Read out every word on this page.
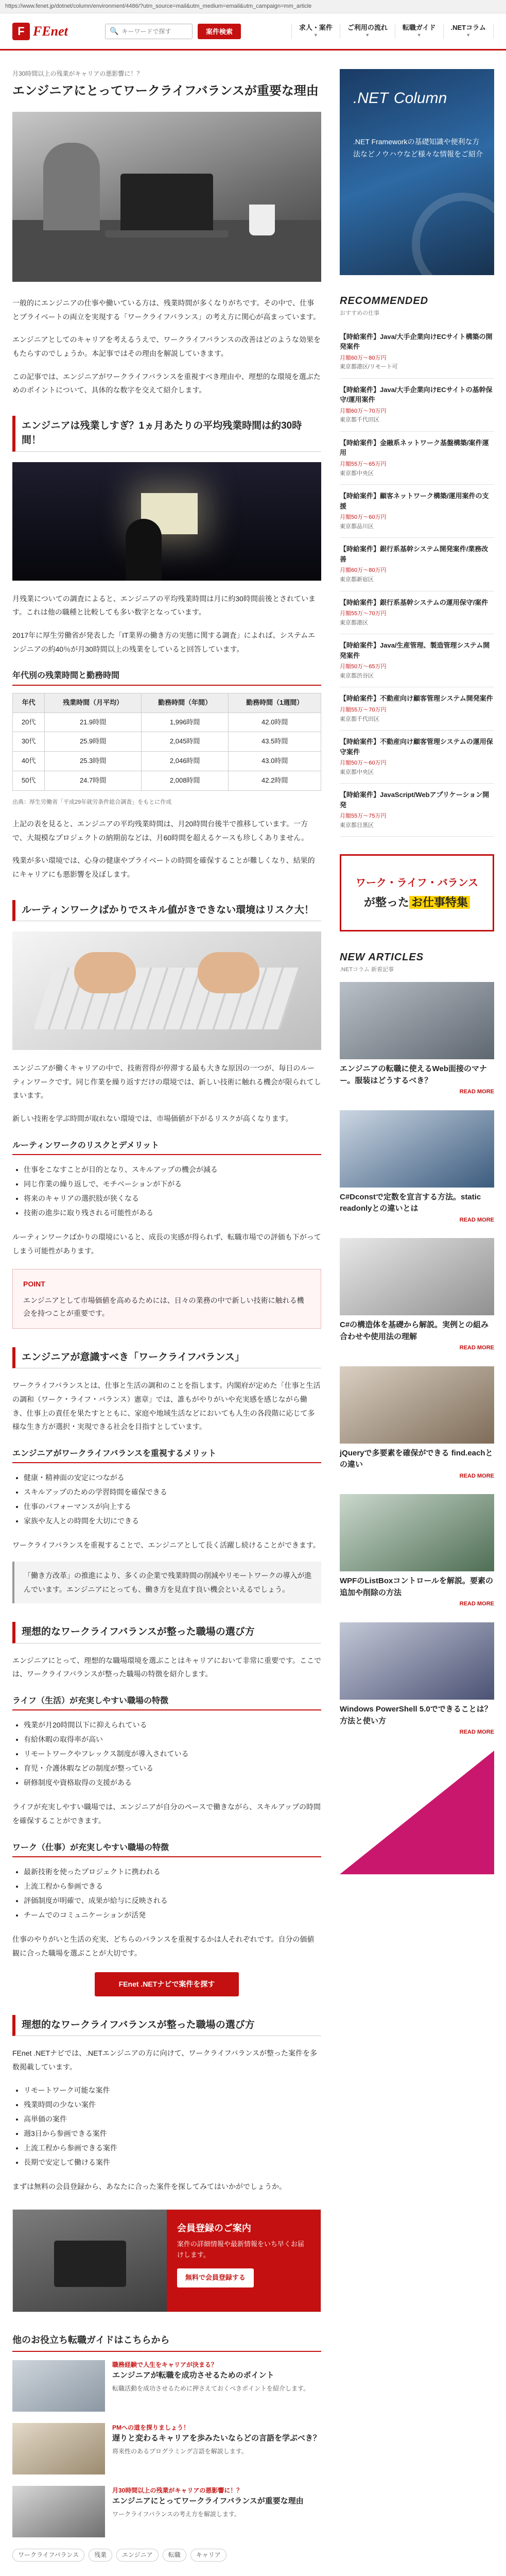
https://www.fenet.jp/dotnet/column/environment/4486/?utm_source=mail&utm_medium=email&utm_campaign=mm_article
F FEnet	🔍
キーワードで探す	案件検索
求人・案件
▼
ご利用の流れ
▼
転職ガイド
▼
.NETコラム
▼
月30時間以上の残業がキャリアの悪影響に！？
エンジニアにとってワークライフバランスが重要な理由

一般的にエンジニアの仕事や働いている方は、残業時間が多くなりがちです。その中で、仕事とプライベートの両立を実現する「ワークライフバランス」の考え方に関心が高まっています。

エンジニアとしてのキャリアを考えるうえで、ワークライフバランスの改善はどのような効果をもたらすのでしょうか。本記事ではその理由を解説していきます。

この記事では、エンジニアがワークライフバランスを重視すべき理由や、理想的な環境を選ぶためのポイントについて、具体的な数字を交えて紹介します。

エンジニアは残業しすぎ？1ヵ月あたりの平均残業時間は約30時間！

月残業についての調査によると、エンジニアの平均残業時間は月に約30時間前後とされています。これは他の職種と比較しても多い数字となっています。

2017年に厚生労働省が発表した「IT業界の働き方の実態に関する調査」によれば、システムエンジニアの約40％が月30時間以上の残業をしていると回答しています。

年代別の残業時間と勤務時間
年代	残業時間（月平均）	勤務時間（年間）	勤務時間（1週間）
20代	21.9時間	1,996時間	42.0時間
30代	25.9時間	2,045時間	43.5時間
40代	25.3時間	2,046時間	43.0時間
50代	24.7時間	2,008時間	42.2時間
出典：厚生労働省「平成29年就労条件総合調査」をもとに作成

上記の表を見ると、エンジニアの平均残業時間は、月20時間台後半で推移しています。一方で、大規模なプロジェクトの納期前などは、月60時間を超えるケースも珍しくありません。

残業が多い環境では、心身の健康やプライベートの時間を確保することが難しくなり、結果的にキャリアにも悪影響を及ぼします。

ルーティンワークばかりでスキル値がきできない環境はリスク大！

エンジニアが働くキャリアの中で、技術習得が停滞する最も大きな原因の一つが、毎日のルーティンワークです。同じ作業を繰り返すだけの環境では、新しい技術に触れる機会が限られてしまいます。

新しい技術を学ぶ時間が取れない環境では、市場価値が下がるリスクが高くなります。

ルーティンワークのリスクとデメリット
• 仕事をこなすことが目的となり、スキルアップの機会が減る
• 同じ作業の繰り返しで、モチベーションが下がる
• 将来のキャリアの選択肢が狭くなる
• 技術の進歩に取り残される可能性がある

ルーティンワークばかりの環境にいると、成長の実感が得られず、転職市場での評価も下がってしまう可能性があります。

POINT
エンジニアとして市場価値を高めるためには、日々の業務の中で新しい技術に触れる機会を持つことが重要です。
エンジニアが意識すべき「ワークライフバランス」

ワークライフバランスとは、仕事と生活の調和のことを指します。内閣府が定めた「仕事と生活の調和（ワーク・ライフ・バランス）憲章」では、誰もがやりがいや充実感を感じながら働き、仕事上の責任を果たすとともに、家庭や地域生活などにおいても人生の各段階に応じて多様な生き方が選択・実現できる社会を目指すとしています。

エンジニアがワークライフバランスを重視するメリット
• 健康・精神面の安定につながる
• スキルアップのための学習時間を確保できる
• 仕事のパフォーマンスが向上する
• 家族や友人との時間を大切にできる

ワークライフバランスを重視することで、エンジニアとして長く活躍し続けることができます。

「働き方改革」の推進により、多くの企業で残業時間の削減やリモートワークの導入が進んでいます。エンジニアにとっても、働き方を見直す良い機会といえるでしょう。
理想的なワークライフバランスが整った職場の選び方

エンジニアにとって、理想的な職場環境を選ぶことはキャリアにおいて非常に重要です。ここでは、ワークライフバランスが整った職場の特徴を紹介します。

ライフ（生活）が充実しやすい職場の特徴
• 残業が月20時間以下に抑えられている
• 有給休暇の取得率が高い
• リモートワークやフレックス制度が導入されている
• 育児・介護休暇などの制度が整っている
• 研修制度や資格取得の支援がある

ライフが充実しやすい職場では、エンジニアが自分のペースで働きながら、スキルアップの時間を確保することができます。

ワーク（仕事）が充実しやすい職場の特徴
• 最新技術を使ったプロジェクトに携われる
• 上流工程から参画できる
• 評価制度が明確で、成果が給与に反映される
• チームでのコミュニケーションが活発

仕事のやりがいと生活の充実、どちらのバランスを重視するかは人それぞれです。自分の価値観に合った職場を選ぶことが大切です。

FEnet .NETナビで案件を探す
理想的なワークライフバランスが整った職場の選び方

FEnet .NETナビでは、.NETエンジニアの方に向けて、ワークライフバランスが整った案件を多数掲載しています。

• リモートワーク可能な案件
• 残業時間の少ない案件
• 高単価の案件
• 週3日から参画できる案件
• 上流工程から参画できる案件
• 長期で安定して働ける案件

まずは無料の会員登録から、あなたに合った案件を探してみてはいかがでしょうか。

会員登録のご案内
案件の詳細情報や最新情報をいち早くお届けします。
無料で会員登録する
他のお役立ち転職ガイドはこちらから
職務経験で人生をキャリアが決まる？
エンジニアが転職を成功させるためのポイント
転職活動を成功させるために押さえておくべきポイントを紹介します。
PMへの道を探りましょう！
遅りと変わるキャリアを歩みたいならどの言語を学ぶべき？
将来性のあるプログラミング言語を解説します。
月30時間以上の残業がキャリアの悪影響に！？
エンジニアにとってワークライフバランスが重要な理由
ワークライフバランスの考え方を解説します。
ワークライフバランス	残業	エンジニア	転職	キャリア
.NET Column
.NET Frameworkの基礎知識や便利な方法などノウハウなど様々な情報をご紹介
RECOMMENDED
おすすめの仕事
【時給案件】Java/大手企業向けECサイト構築の開発案件
月額60万〜80万円
東京都港区/リモート可
【時給案件】Java/大手企業向けECサイトの基幹保守/運用案件
月額60万〜70万円
東京都千代田区
【時給案件】金融系ネットワーク基盤構築/案件運用
月額55万〜65万円
東京都中央区
【時給案件】顧客ネットワーク構築/運用案件の支援
月額50万〜60万円
東京都品川区
【時給案件】銀行系基幹システム開発案件/業務改善
月額60万〜80万円
東京都新宿区
【時給案件】銀行系基幹システムの運用保守/案件
月額55万〜70万円
東京都港区
【時給案件】Java/生産管理、製造管理システム開発案件
月額50万〜65万円
東京都渋谷区
【時給案件】不動産向け顧客管理システム開発案件
月額55万〜70万円
東京都千代田区
【時給案件】不動産向け顧客管理システムの運用保守案件
月額50万〜60万円
東京都中央区
【時給案件】JavaScript/Webアプリケーション開発
月額55万〜75万円
東京都目黒区
ワーク・ライフ・バランス
が整った お仕事特集
NEW ARTICLES
.NETコラム 新着記事
エンジニアの転職に使えるWeb面接のマナー。服装はどうするべき？
READ MORE
C#Dconstで定数を宣言する方法。static readonlyとの違いとは
READ MORE
C#の構造体を基礎から解説。実例との組み合わせや使用法の理解
READ MORE
jQueryで多要素を確保ができる find.eachとの違い
READ MORE
WPFのListBoxコントロールを解説。要素の追加や削除の方法
READ MORE
Windows PowerShell 5.0でできることは？方法と使い方
READ MORE
